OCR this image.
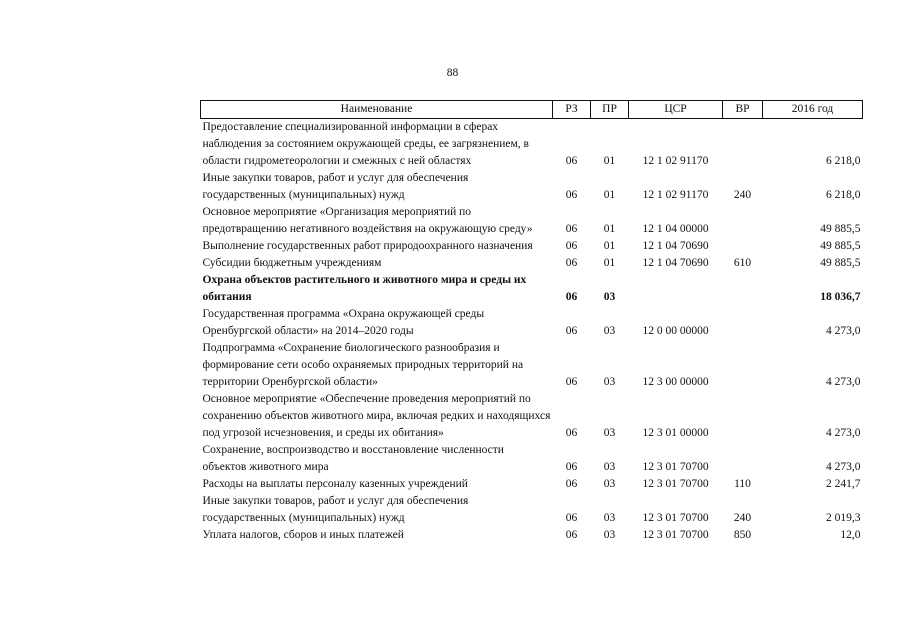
88
Наименование	РЗ	ПР	ЦСР	ВР	2016 год
Предоставление специализированной информации в сферах наблюдения за состоянием окружающей среды, ее загрязнением, в области гидрометеорологии и смежных с ней областях	06	01	12 1 02 91170		6 218,0
Иные закупки товаров, работ и услуг для обеспечения государственных (муниципальных) нужд	06	01	12 1 02 91170	240	6 218,0
Основное мероприятие «Организация мероприятий по предотвращению негативного воздействия на окружающую среду»	06	01	12 1 04 00000		49 885,5
Выполнение государственных работ природоохранного назначения	06	01	12 1 04 70690		49 885,5
Субсидии бюджетным учреждениям	06	01	12 1 04 70690	610	49 885,5
Охрана объектов растительного и животного мира и среды их обитания	06	03			18 036,7
Государственная программа «Охрана окружающей среды Оренбургской области» на 2014–2020 годы	06	03	12 0 00 00000		4 273,0
Подпрограмма «Сохранение биологического разнообразия и формирование сети особо охраняемых природных территорий на территории Оренбургской области»	06	03	12 3 00 00000		4 273,0
Основное мероприятие «Обеспечение проведения мероприятий по сохранению объектов животного мира, включая редких и находящихся под угрозой исчезновения, и среды их обитания»	06	03	12 3 01 00000		4 273,0
Сохранение, воспроизводство и восстановление численности объектов животного мира	06	03	12 3 01 70700		4 273,0
Расходы на выплаты персоналу казенных учреждений	06	03	12 3 01 70700	110	2 241,7
Иные закупки товаров, работ и услуг для обеспечения государственных (муниципальных) нужд	06	03	12 3 01 70700	240	2 019,3
Уплата налогов, сборов и иных платежей	06	03	12 3 01 70700	850	12,0
